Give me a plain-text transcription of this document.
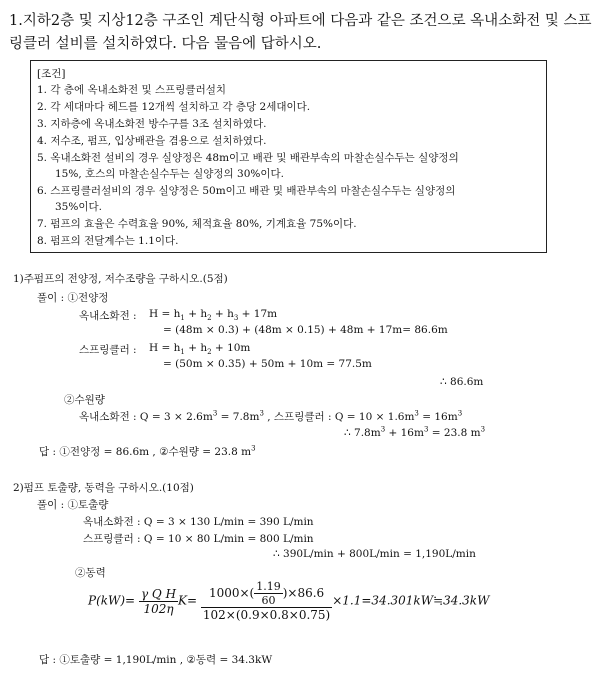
1.지하2층 및 지상12층 구조인 계단식형 아파트에 다음과 같은 조건으로 옥내소화전 및 스프링클러 설비를 설치하였다. 다음 물음에 답하시오.
[조건]
1. 각 층에 옥내소화전 및 스프링클러설치
2. 각 세대마다 헤드를 12개씩 설치하고 각 층당 2세대이다.
3. 지하층에 옥내소화전 방수구를 3조 설치하였다.
4. 저수조, 펌프, 입상배관을 겸용으로 설치하였다.
5. 옥내소화전 설비의 경우 실양정은 48m이고 배관 및 배관부속의 마찰손실수두는 실양정의
15%, 호스의 마찰손실수두는 실양정의 30%이다.
6. 스프링클러설비의 경우 실양정은 50m이고 배관 및 배관부속의 마찰손실수두는 실양정의
35%이다.
7. 펌프의 효율은 수력효율 90%, 체적효율 80%, 기계효율 75%이다.
8. 펌프의 전달계수는 1.1이다.
1)주펌프의 전양정, 저수조량을 구하시오.(5점)
풀이 : ①전양정
옥내소화전 : $H = h_1 + h_2 + h_3 + 17m$
= (48m × 0.3) + (48m × 0.15) + 48m + 17m= 86.6m
스프링클러 : $H = h_1 + h_2 + 10m$
= (50m × 0.35) + 50m + 10m = 77.5m
∴ 86.6m
②수원량
옥내소화전 : $Q = 3 \times 2.6m^3 = 7.8m^3$ , 스프링클러 : $Q = 10 \times 1.6m^3 = 16m^3$
∴ $7.8m^3 + 16m^3 = 23.8$ $m^3$
답 : ①전양정 = 86.6m , ②수원량 = 23.8 $m^3$
2)펌프 토출량, 동력을 구하시오.(10점)
풀이 : ①토출량
옥내소화전 : Q = 3 × 130 L/min = 390 L/min
스프링클러 : Q = 10 × 80 L/min = 800 L/min
∴ 390L/min + 800L/min = 1,190L/min
②동력
$P(kW)= \frac{\text{γ Q H}}{102\eta} K= \frac{1000\times( \frac{1.19}{60} )\times 86.6}{102\times(0.9\times 0.8\times 0.75)}$ ×1.1=34.301kW≒34.3kW
답 : ①토출량 = 1,190L/min , ②동력 = 34.3kW
